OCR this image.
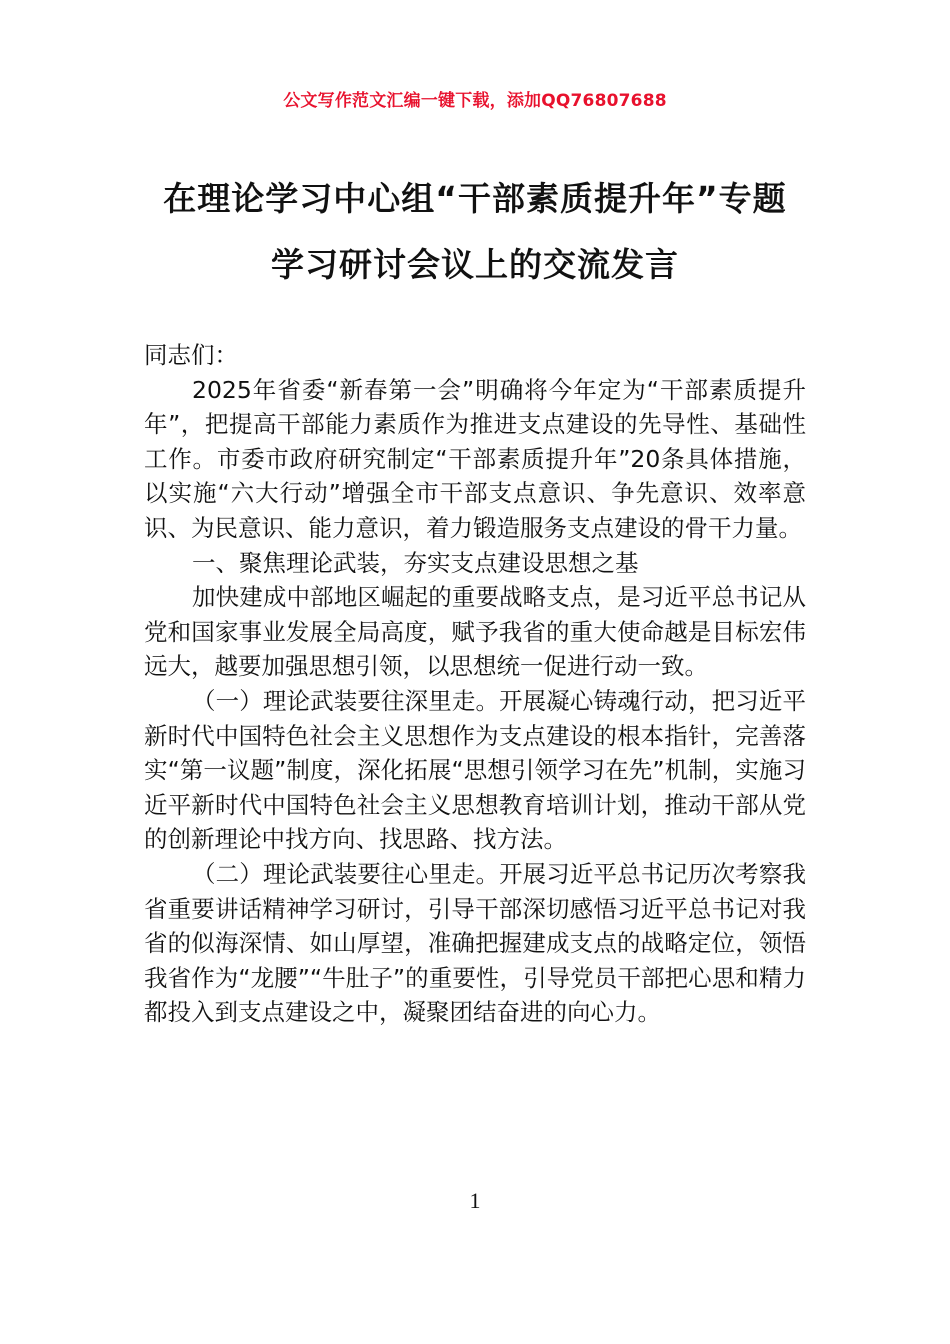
公文写作范文汇编一键下载，添加QQ76807688
在理论学习中心组“干部素质提升年”专题学习研讨会议上的交流发言

同志们：

2025年省委“新春第一会”明确将今年定为“干部素质提升年”，把提高干部能力素质作为推进支点建设的先导性、基础性工作。市委市政府研究制定“干部素质提升年”20条具体措施，以实施“六大行动”增强全市干部支点意识、争先意识、效率意识、为民意识、能力意识，着力锻造服务支点建设的骨干力量。

一、聚焦理论武装，夯实支点建设思想之基

加快建成中部地区崛起的重要战略支点，是习近平总书记从党和国家事业发展全局高度，赋予我省的重大使命越是目标宏伟远大，越要加强思想引领，以思想统一促进行动一致。

（一）理论武装要往深里走。开展凝心铸魂行动，把习近平新时代中国特色社会主义思想作为支点建设的根本指针，完善落实“第一议题”制度，深化拓展“思想引领学习在先”机制，实施习近平新时代中国特色社会主义思想教育培训计划，推动干部从党的创新理论中找方向、找思路、找方法。

（二）理论武装要往心里走。开展习近平总书记历次考察我省重要讲话精神学习研讨，引导干部深切感悟习近平总书记对我省的似海深情、如山厚望，准确把握建成支点的战略定位，领悟我省作为“龙腰”“牛肚子”的重要性，引导党员干部把心思和精力都投入到支点建设之中，凝聚团结奋进的向心力。

1
